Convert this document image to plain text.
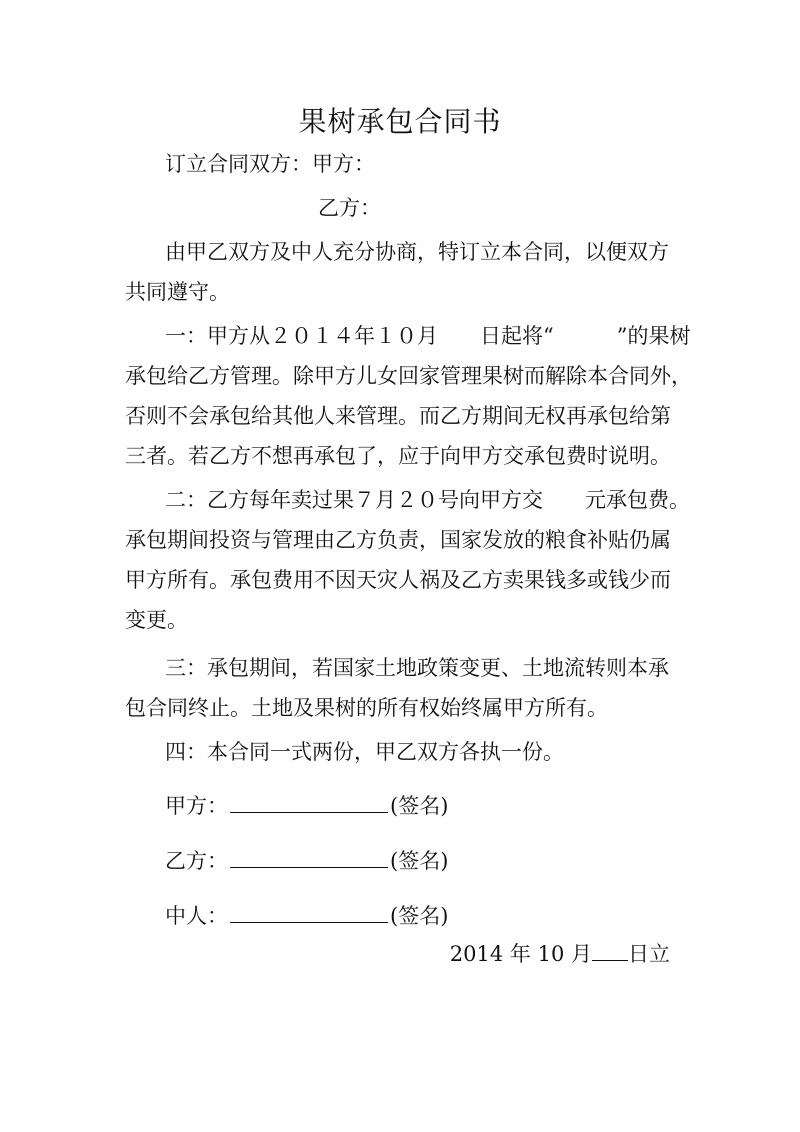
果树承包合同书
订立合同双方：甲方：
乙方：
由甲乙双方及中人充分协商，特订立本合同，以便双方
共同遵守。
一：甲方从２０１４年１０月　　日起将“　　　”的果树
承包给乙方管理。除甲方儿女回家管理果树而解除本合同外，
否则不会承包给其他人来管理。而乙方期间无权再承包给第
三者。若乙方不想再承包了，应于向甲方交承包费时说明。
二：乙方每年卖过果７月２０号向甲方交　　元承包费。
承包期间投资与管理由乙方负责，国家发放的粮食补贴仍属
甲方所有。承包费用不因天灾人祸及乙方卖果钱多或钱少而
变更。
三：承包期间，若国家土地政策变更、土地流转则本承
包合同终止。土地及果树的所有权始终属甲方所有。
四：本合同一式两份，甲乙双方各执一份。
甲方：	(签名)
乙方：	(签名)
中人：	(签名)
2014 年 10 月 日立
